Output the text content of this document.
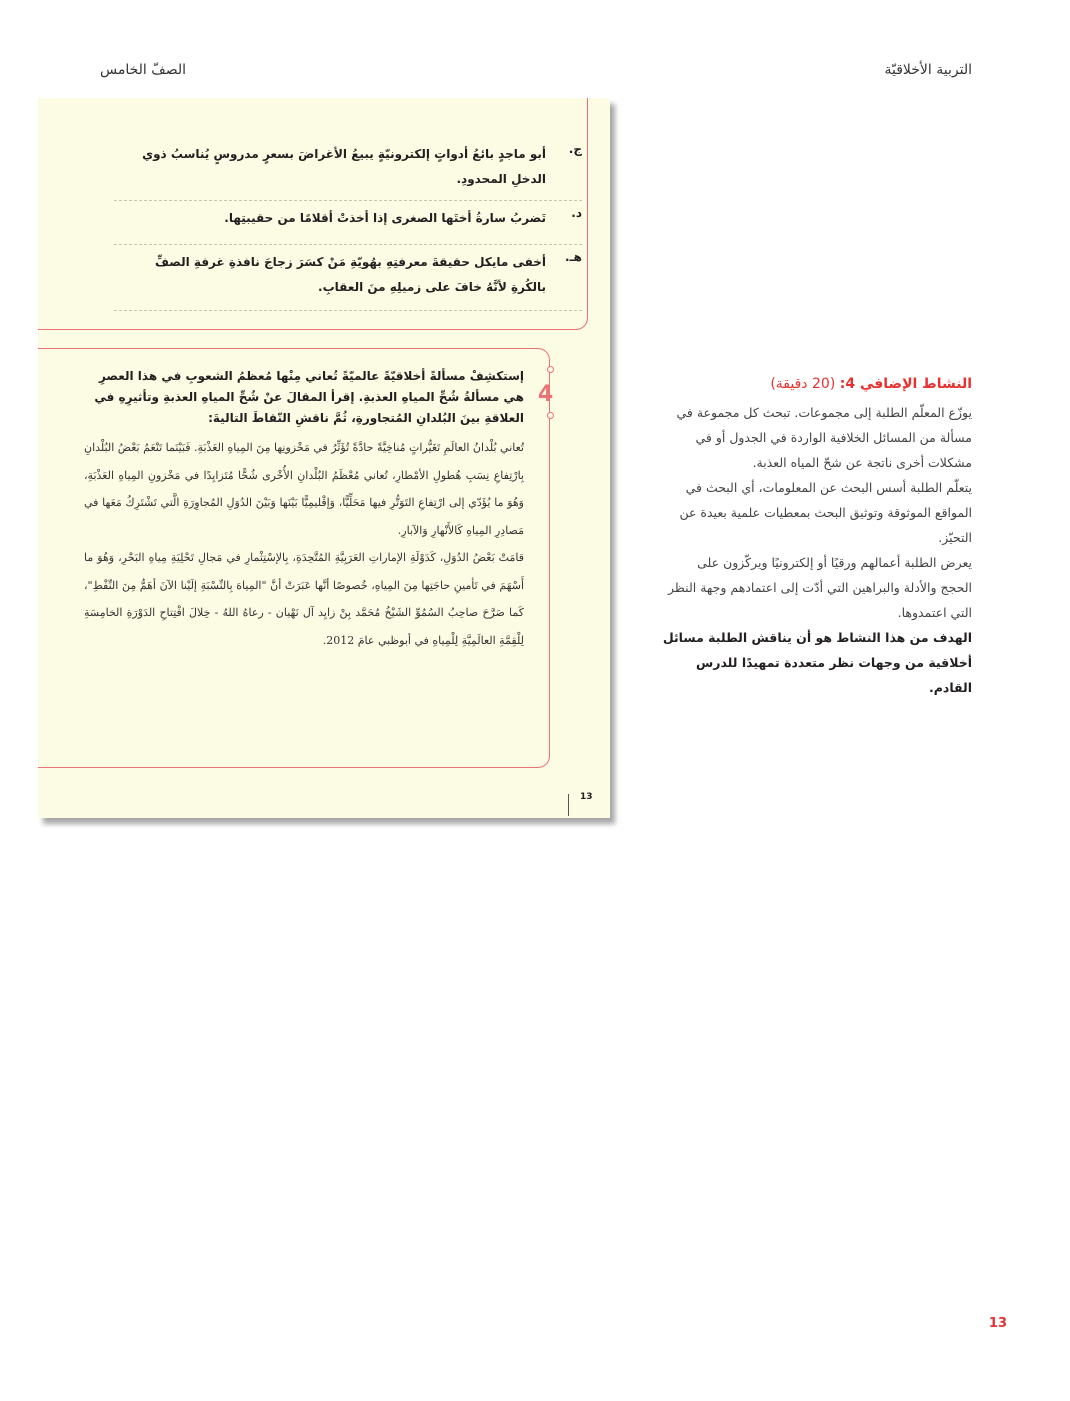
التربية الأخلاقيّة
الصفّ الخامس
ج.
أبو ماجدٍ بائعُ أدواتٍ إلكترونيّةٍ يبيعُ الأغراضَ بسعرٍ مدروسٍ يُناسبُ ذوي الدخلِ المحدودِ.
د.
تَضربُ سارةُ أختَها الصغرى إذا أخذتْ أقلامًا من حقيبتِها.
هـ.
أخفى مايكل حقيقةَ معرفتِهِ بهُويّةِ مَنْ كسَرَ زجاجَ نافذةِ غرفةِ الصفِّ بالكُرةِ لأنَّهُ خافَ على زميلِهِ منَ العقابِ.
4
إستكشِفْ مسألةً أخلاقيّةً عالميّةً تُعاني مِنْها مُعظمُ الشعوبِ في هذا العصرِ هي مسألةُ شُحِّ المياهِ العذبةِ. إقرأ المقالَ عنْ شُحِّ المياهِ العذبةِ وتأثيرِهِ في العلاقةِ بينَ البُلدانِ المُتجاورةِ، ثُمَّ ناقشِ النّقاطَ التاليةَ:
تُعاني بُلْدانُ العالَمِ تَغَيُّراتٍ مُناخِيَّةً حادَّةً تُؤَثِّرُ في مَخْزونِها مِنَ المِياهِ العَذْبَةِ. فَبَيْنَما تَنْعَمُ بَعْضُ البُلْدانِ بِارْتِفاعِ نِسَبِ هُطولِ الأمْطارِ، تُعاني مُعْظَمُ البُلْدانِ الأُخْرى شُحًّا مُتَزايِدًا في مَخْزونِ المِياهِ العَذْبَةِ، وَهُوَ ما يُؤَدّي إلى ارْتِفاعِ التَوَتُّرِ فيها مَحَلِّيًّا، وَإقْليمِيًّا بَيْنَها وَبَيْنَ الدُوَلِ المُجاوِرَةِ الَّتي تَشْتَرِكُ مَعَها في مَصادِرِ المِياهِ كَالأَنْهارِ وَالآبارِ.
قامَتْ بَعْضُ الدُوَلِ، كَدَوْلَةِ الإماراتِ العَرَبِيَّةِ المُتَّحِدَةِ، بِالإسْتِثْمارِ في مَجالِ تَحْلِيَةِ مِياهِ البَحْرِ، وَهُوَ ما أَسْهَمَ في تَأمينِ حاجَتِها مِنَ المِياهِ، خُصوصًا أنَّها عَبَرَتْ أنَّ "المِياهَ بِالنِّسْبَةِ إلَيْنا الآنَ أهَمُّ مِنَ النِّفْطِ"، كَما صَرَّحَ صاحِبُ السُمُوِّ الشَيْخُ مُحَمَّد بِنْ زايِد آل نَهْيان - رعاهُ اللهُ - خِلالَ افْتِتاحِ الدَوْرَةِ الخامِسَةِ لِلْقِمَّةِ العالَمِيَّةِ لِلْمِياهِ في أبوظبي عامَ 2012.
13
النشاط الإضافي 4: (20 دقيقة)
يوزّع المعلّم الطلبة إلى مجموعات. تبحث كل مجموعة في مسألة من المسائل الخلافية الواردة في الجدول أو في مشكلات أخرى ناتجة عن شحّ المياه العذبة.
يتعلّم الطلبة أسس البحث عن المعلومات، أي البحث في المواقع الموثوقة وتوثيق البحث بمعطيات علمية بعيدة عن التحيّز.
يعرض الطلبة أعمالهم ورقيًا أو إلكترونيًا ويركّزون على الحجج والأدلة والبراهين التي أدّت إلى اعتمادهم وجهة النظر التي اعتمدوها.
الهدف من هذا النشاط هو أن يناقش الطلبة مسائل أخلاقية من وجهات نظر متعددة تمهيدًا للدرس القادم.
13
